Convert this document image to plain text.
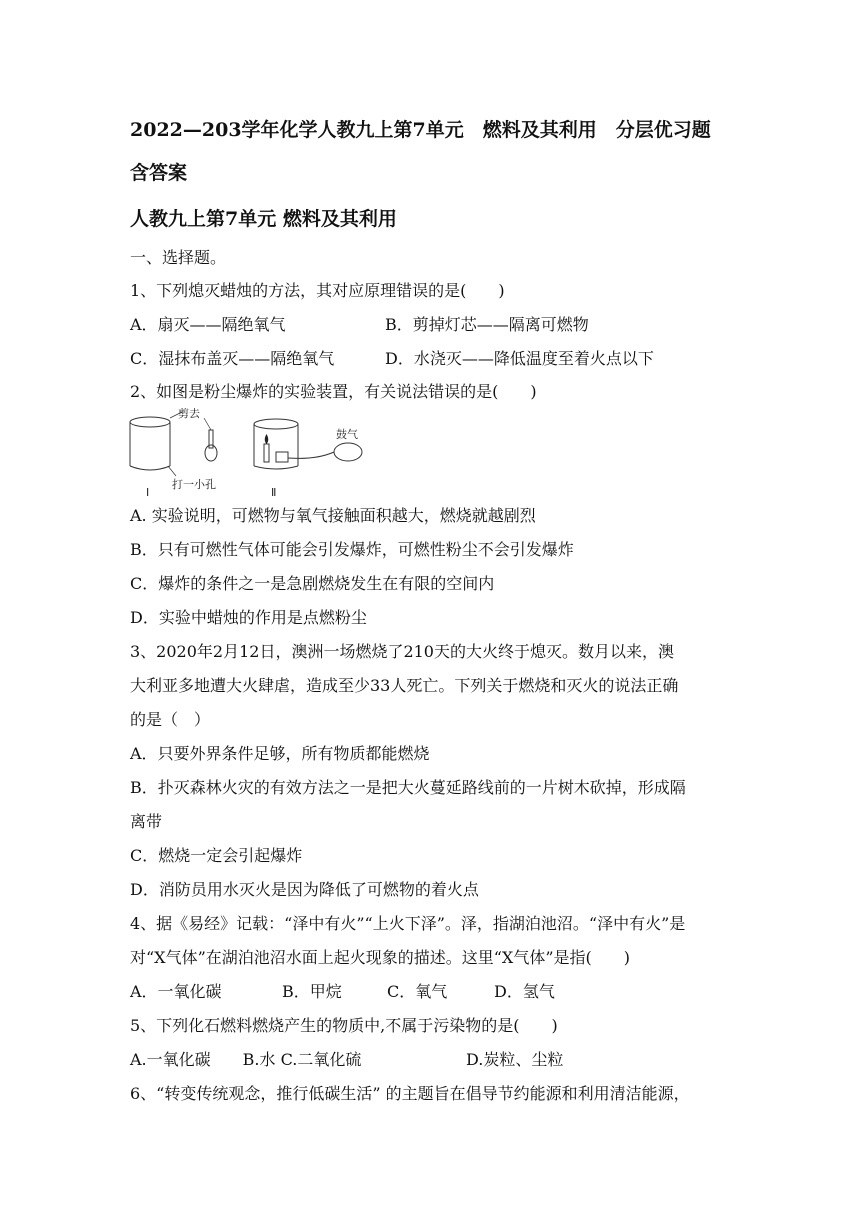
2022—203学年化学人教九上第7单元　燃料及其利用　分层优习题
含答案
人教九上第7单元 燃料及其利用
一、选择题。
1、下列熄灭蜡烛的方法，其对应原理错误的是(　　)
A．扇灭——隔绝氧气	B．剪掉灯芯——隔离可燃物
C．湿抹布盖灭——隔绝氧气	D．水浇灭——降低温度至着火点以下
2、如图是粉尘爆炸的实验装置，有关说法错误的是(　　)
剪去
打一小孔
Ⅰ
鼓气
Ⅱ
A. 实验说明，可燃物与氧气接触面积越大，燃烧就越剧烈
B．只有可燃性气体可能会引发爆炸，可燃性粉尘不会引发爆炸
C．爆炸的条件之一是急剧燃烧发生在有限的空间内
D．实验中蜡烛的作用是点燃粉尘
3、2020年2月12日，澳洲一场燃烧了210天的大火终于熄灭。数月以来，澳
大利亚多地遭大火肆虐，造成至少33人死亡。下列关于燃烧和灭火的说法正确
的是（　）
A．只要外界条件足够，所有物质都能燃烧
B．扑灭森林火灾的有效方法之一是把大火蔓延路线前的一片树木砍掉，形成隔
离带
C．燃烧一定会引起爆炸
D．消防员用水灭火是因为降低了可燃物的着火点
4、据《易经》记载：“泽中有火”“上火下泽”。泽，指湖泊池沼。“泽中有火”是
对“X气体”在湖泊池沼水面上起火现象的描述。这里“X气体”是指(　　)
A．一氧化碳	B．甲烷	C．氧气	D．氢气
5、下列化石燃料燃烧产生的物质中,不属于污染物的是(　　)
A.一氧化碳　　B.水 C.二氧化硫	D.炭粒、尘粒
6、“转变传统观念，推行低碳生活” 的主题旨在倡导节约能源和利用清洁能源，
